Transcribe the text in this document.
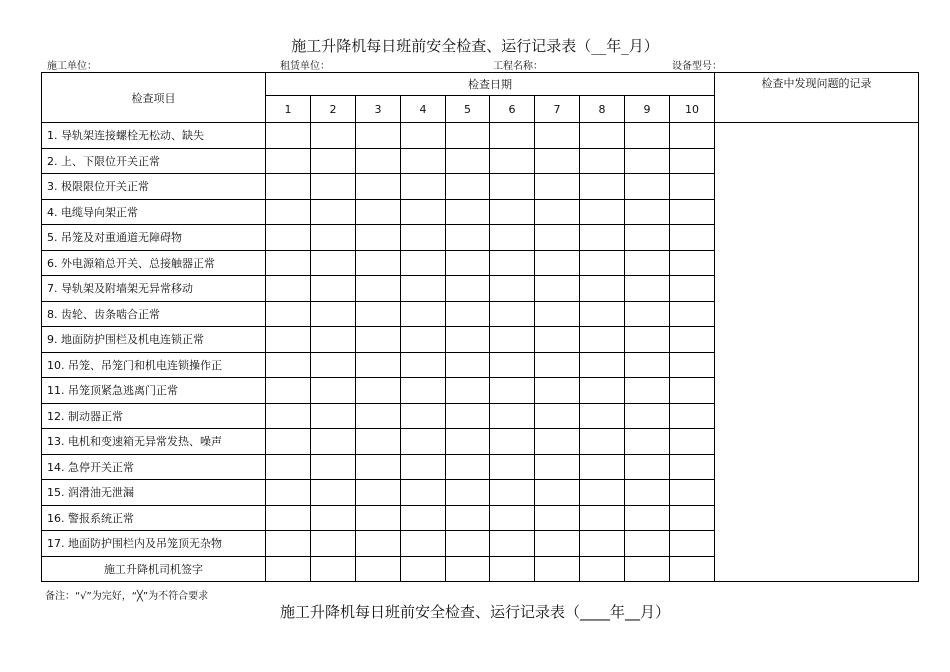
施工升降机每日班前安全检查、运行记录表（__年_月）
施工单位：	租赁单位：	工程名称：	设备型号：
检查项目	检查日期										检查中发现问题的记录
	1	2	3	4	5	6	7	8	9	10	
1. 导轨架连接螺栓无松动、缺失											
2. 上、下限位开关正常											
3. 极限限位开关正常											
4. 电缆导向架正常											
5. 吊笼及对重通道无障碍物											
6. 外电源箱总开关、总接触器正常											
7. 导轨架及附墙架无异常移动											
8. 齿轮、齿条啮合正常											
9. 地面防护围栏及机电连锁正常											
10. 吊笼、吊笼门和机电连锁操作正											
11. 吊笼顶紧急逃离门正常											
12. 制动器正常											
13. 电机和变速箱无异常发热、噪声											
14. 急停开关正常											
15. 润滑油无泄漏											
16. 警报系统正常											
17. 地面防护围栏内及吊笼顶无杂物											
施工升降机司机签字											
备注：“√”为完好，“╳”为不符合要求
施工升降机每日班前安全检查、运行记录表（____年__月）
